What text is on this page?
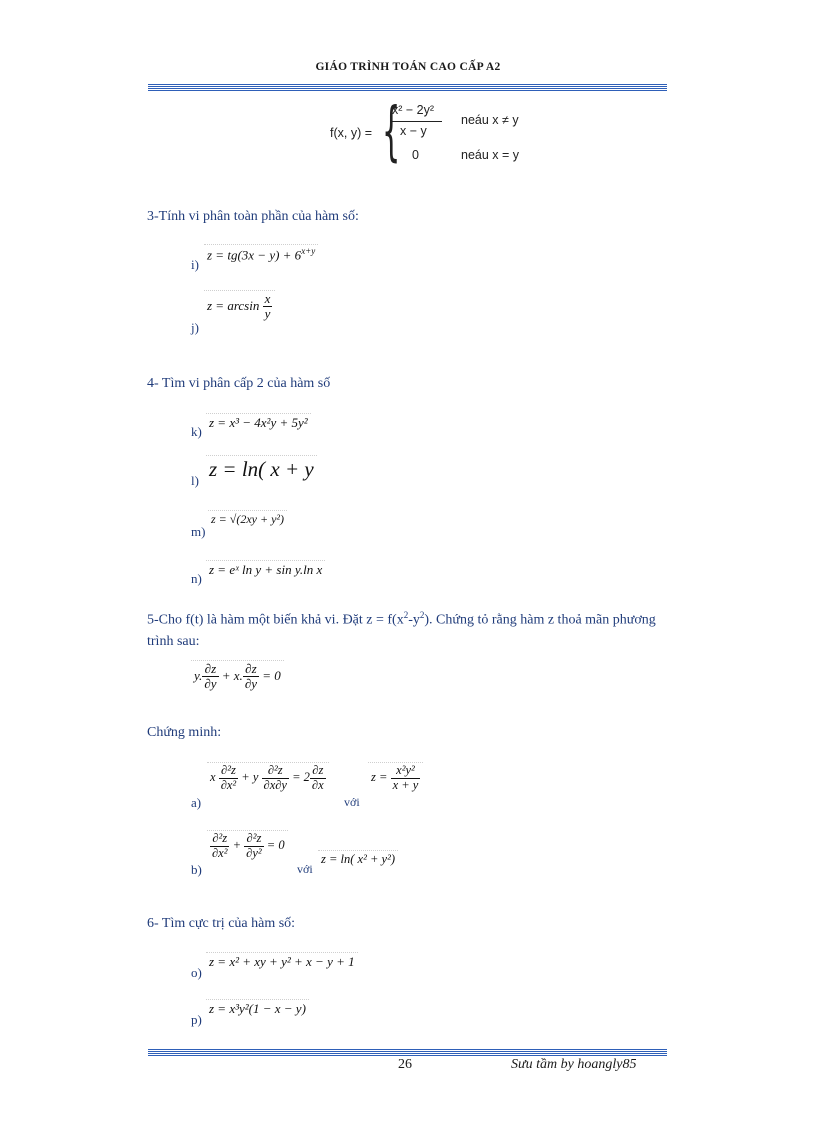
GIÁO TRÌNH TOÁN CAO CẤP A2
f(x, y) = {
x² − 2y²
x − y
neáu x ≠ y
0	neáu x = y
3-Tính vi phân toàn phần của hàm số:
i)
$z = tg(3x - y) + 6^{x+y}$
j)
$z = \arcsin \frac{x}{y}$
4- Tìm vi phân cấp 2 của hàm số
k)
z = x³ − 4x²y + 5y²
l) z = ln( x + y
m)
z = √(2xy + y²)
n)
z = eˣ ln y + sin y.ln x
5-Cho f(t) là hàm một biến khả vi. Đặt $z = f(x^2-y^2)$. Chứng tỏ rằng hàm z thoả mãn phương trình sau:
y. $\frac{\partial z}{\partial y} + x$. $\frac{\partial z}{\partial y} = 0$
Chứng minh:
a)
x $\frac{\text{∂²z}}{\text{∂x²}} + y \frac{\text{∂²z}}{\partial x\partial y} = 2 \frac{\partial z}{\partial x}$
với
$z = \frac{\text{x²y²}}{x + y}$
b)
$\frac{\text{∂²z}}{\text{∂x²}} + \frac{\text{∂²z}}{\text{∂y²}} = 0$
với
z = ln( x² + y²)
6- Tìm cực trị của hàm số:
o)
z = x² + xy + y² + x − y + 1
p)
z = x³y²(1 − x − y)
26	Sưu tầm by hoangly85
